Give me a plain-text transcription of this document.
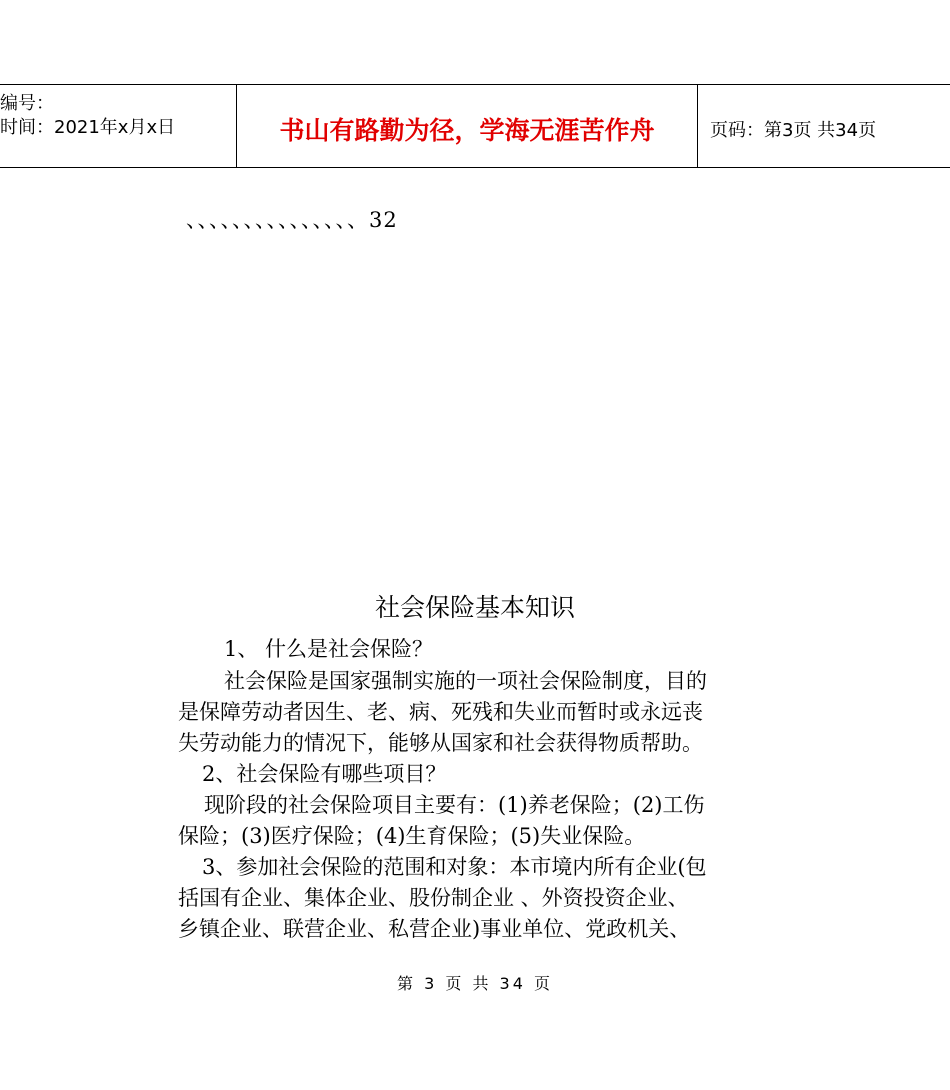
编号：
时间：2021年x月x日	书山有路勤为径，学海无涯苦作舟	页码：第3页 共34页
、、、、、、、、、、、、、、、32
社会保险基本知识
1、 什么是社会保险？
社会保险是国家强制实施的一项社会保险制度，目的
是保障劳动者因生、老、病、死残和失业而暂时或永远丧
失劳动能力的情况下，能够从国家和社会获得物质帮助。
2、社会保险有哪些项目？
现阶段的社会保险项目主要有：(1)养老保险；(2)工伤
保险；(3)医疗保险；(4)生育保险；(5)失业保险。
3、参加社会保险的范围和对象：本市境内所有企业(包
括国有企业、集体企业、股份制企业 、外资投资企业、
乡镇企业、联营企业、私营企业)事业单位、党政机关、
第 3 页 共 34 页
